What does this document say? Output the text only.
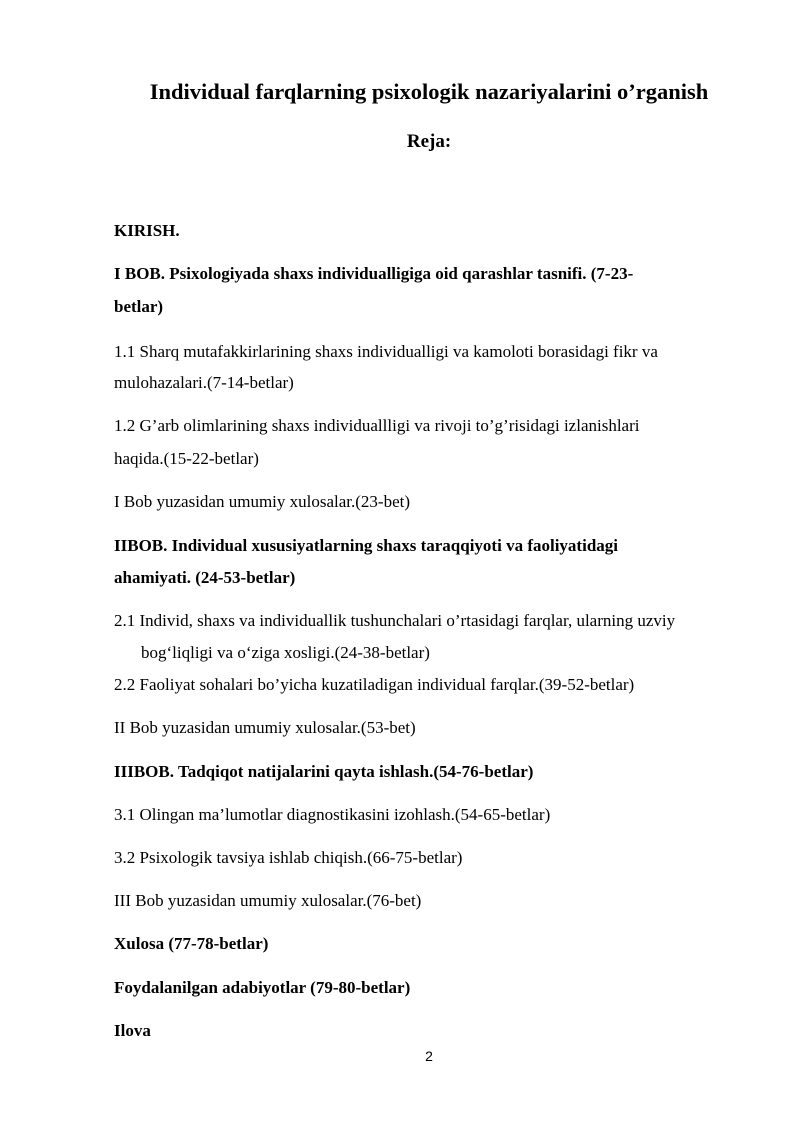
Individual farqlarning psixologik nazariyalarini o’rganish
Reja:
KIRISH.
I BOB. Psixologiyada shaxs individualligiga oid qarashlar tasnifi. (7-23-
betlar)
1.1 Sharq mutafakkirlarining shaxs individualligi va kamoloti borasidagi fikr va
mulohazalari.(7-14-betlar)
1.2 G’arb olimlarining shaxs individuallligi va rivoji to’g’risidagi izlanishlari
haqida.(15-22-betlar)
I Bob yuzasidan umumiy xulosalar.(23-bet)
IIBOB. Individual xususiyatlarning shaxs taraqqiyoti va faoliyatidagi
ahamiyati. (24-53-betlar)
2.1 Individ, shaxs va individuallik tushunchalari o’rtasidagi farqlar, ularning uzviy
bog‘liqligi va o‘ziga xosligi.(24-38-betlar)
2.2 Faoliyat sohalari bo’yicha kuzatiladigan individual farqlar.(39-52-betlar)
II Bob yuzasidan umumiy xulosalar.(53-bet)
IIIBOB. Tadqiqot natijalarini qayta ishlash.(54-76-betlar)
3.1 Olingan ma’lumotlar diagnostikasini izohlash.(54-65-betlar)
3.2 Psixologik tavsiya ishlab chiqish.(66-75-betlar)
III Bob yuzasidan umumiy xulosalar.(76-bet)
Xulosa (77-78-betlar)
Foydalanilgan adabiyotlar (79-80-betlar)
Ilova
2
